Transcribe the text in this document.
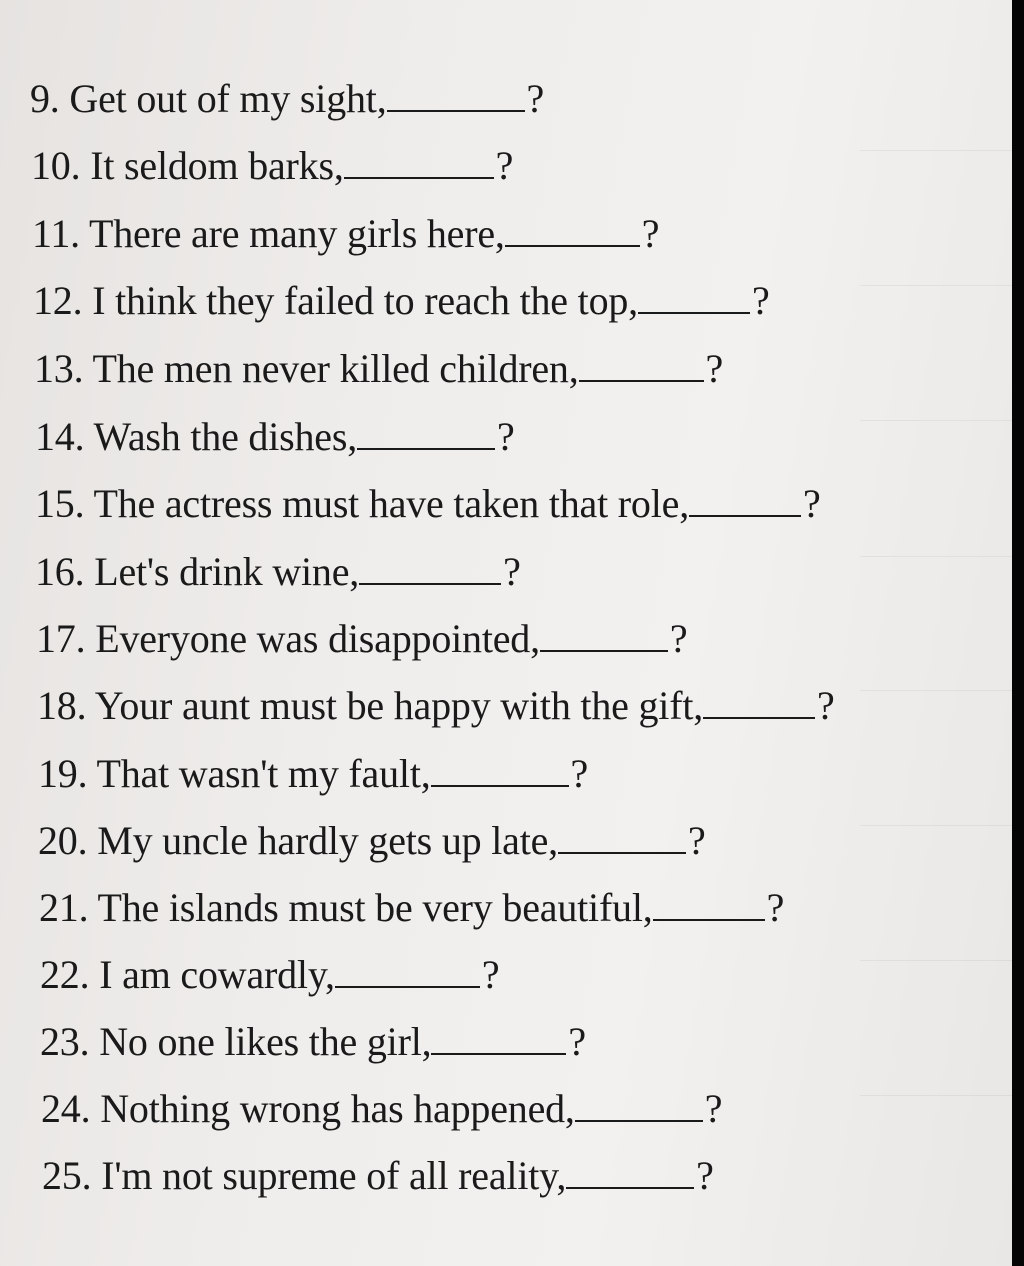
9. Get out of my sight,	?
10. It seldom barks,	?
11. There are many girls here,	?
12. I think they failed to reach the top,	?
13. The men never killed children,	?
14. Wash the dishes,	?
15. The actress must have taken that role,	?
16. Let's drink wine,	?
17. Everyone was disappointed,	?
18. Your aunt must be happy with the gift,	?
19. That wasn't my fault,	?
20. My uncle hardly gets up late,	?
21. The islands must be very beautiful,	?
22. I am cowardly,	?
23. No one likes the girl,	?
24. Nothing wrong has happened,	?
25. I'm not supreme of all reality,	?
